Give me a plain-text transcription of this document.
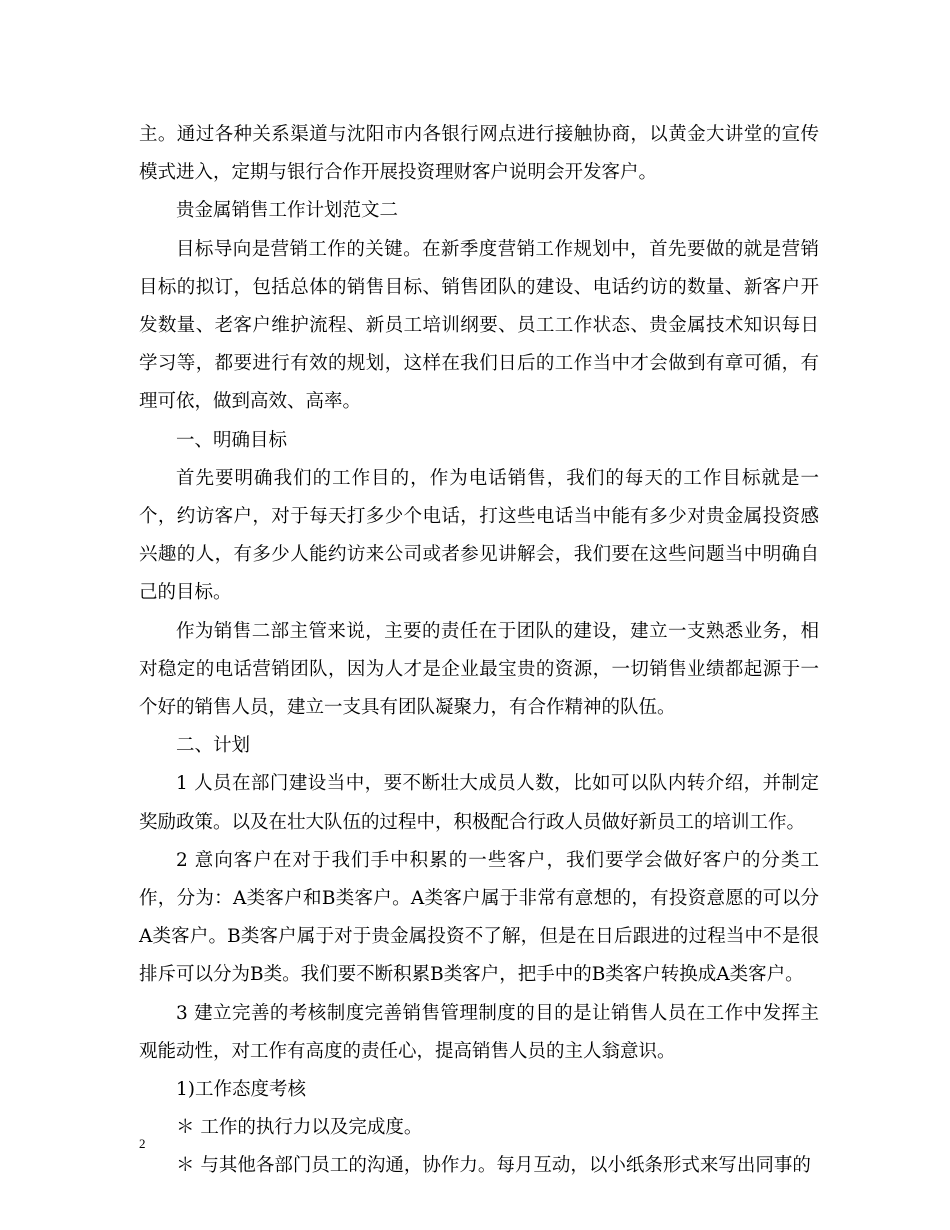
主。通过各种关系渠道与沈阳市内各银行网点进行接触协商，以黄金大讲堂的宣传模式进入，定期与银行合作开展投资理财客户说明会开发客户。

贵金属销售工作计划范文二

目标导向是营销工作的关键。在新季度营销工作规划中，首先要做的就是营销目标的拟订，包括总体的销售目标、销售团队的建设、电话约访的数量、新客户开发数量、老客户维护流程、新员工培训纲要、员工工作状态、贵金属技术知识每日学习等，都要进行有效的规划，这样在我们日后的工作当中才会做到有章可循，有理可依，做到高效、高率。

一、明确目标

首先要明确我们的工作目的，作为电话销售，我们的每天的工作目标就是一个，约访客户，对于每天打多少个电话，打这些电话当中能有多少对贵金属投资感兴趣的人，有多少人能约访来公司或者参见讲解会，我们要在这些问题当中明确自己的目标。

作为销售二部主管来说，主要的责任在于团队的建设，建立一支熟悉业务，相对稳定的电话营销团队，因为人才是企业最宝贵的资源，一切销售业绩都起源于一个好的销售人员，建立一支具有团队凝聚力，有合作精神的队伍。

二、计划

1 人员在部门建设当中，要不断壮大成员人数，比如可以队内转介绍，并制定奖励政策。以及在壮大队伍的过程中，积极配合行政人员做好新员工的培训工作。

2 意向客户在对于我们手中积累的一些客户，我们要学会做好客户的分类工作，分为：A类客户和B类客户。A类客户属于非常有意想的，有投资意愿的可以分A类客户。B类客户属于对于贵金属投资不了解，但是在日后跟进的过程当中不是很排斥可以分为B类。我们要不断积累B类客户，把手中的B类客户转换成A类客户。

3 建立完善的考核制度完善销售管理制度的目的是让销售人员在工作中发挥主观能动性，对工作有高度的责任心，提高销售人员的主人翁意识。

1)工作态度考核

＊ 工作的执行力以及完成度。

＊ 与其他各部门员工的沟通，协作力。每月互动，以小纸条形式来写出同事的

2
